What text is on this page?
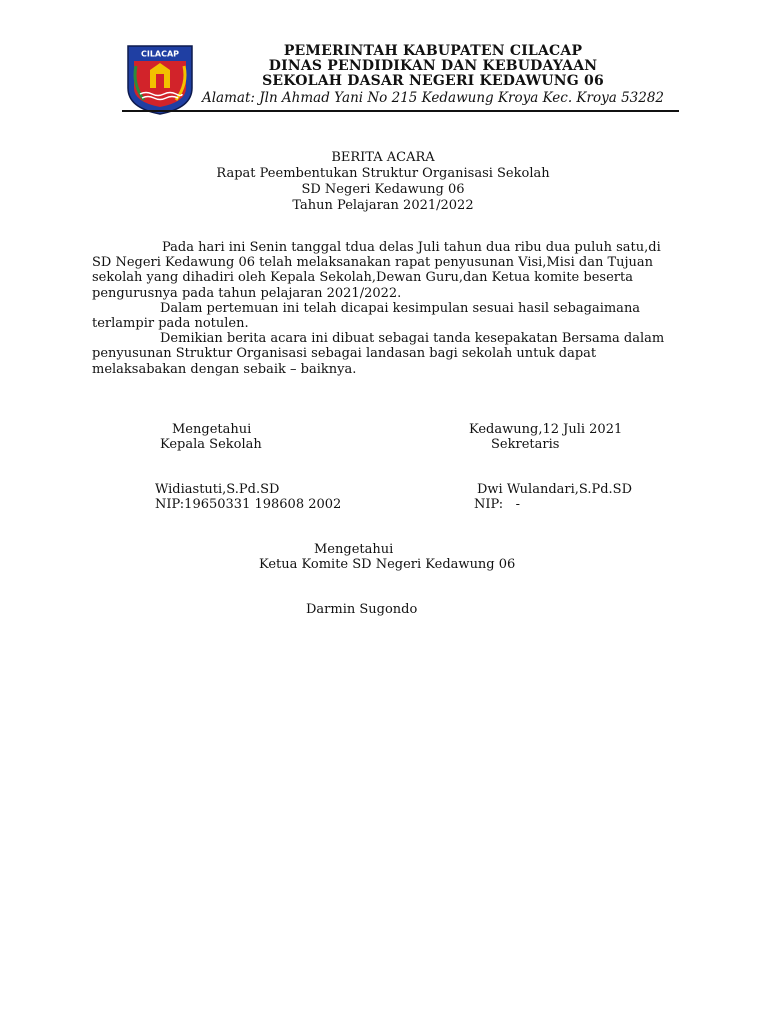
CILACAP	PEMERINTAH KABUPATEN CILACAP
DINAS PENDIDIKAN DAN KEBUDAYAAN
SEKOLAH DASAR NEGERI KEDAWUNG 06
Alamat: Jln Ahmad Yani No 215 Kedawung Kroya Kec. Kroya 53282
BERITA ACARA
Rapat Peembentukan Struktur Organisasi Sekolah
SD Negeri Kedawung 06
Tahun Pelajaran 2021/2022

Pada hari ini Senin tanggal tdua delas Juli tahun dua ribu dua puluh satu,di SD Negeri Kedawung 06 telah melaksanakan rapat penyusunan Visi,Misi dan Tujuan sekolah yang dihadiri oleh Kepala Sekolah,Dewan Guru,dan Ketua komite beserta pengurusnya pada tahun pelajaran 2021/2022.

Dalam pertemuan ini telah dicapai kesimpulan sesuai hasil sebagaimana terlampir pada notulen.

Demikian berita acara ini dibuat sebagai tanda kesepakatan Bersama dalam penyusunan Struktur Organisasi sebagai landasan bagi sekolah untuk dapat melaksabakan dengan sebaik – baiknya.

Mengetahui
Kepala Sekolah
Widiastuti,S.Pd.SD
NIP:19650331 198608 2002
Kedawung,12 Juli 2021
Sekretaris
Dwi Wulandari,S.Pd.SD
NIP:   -
Mengetahui
Ketua Komite SD Negeri Kedawung 06
Darmin Sugondo
